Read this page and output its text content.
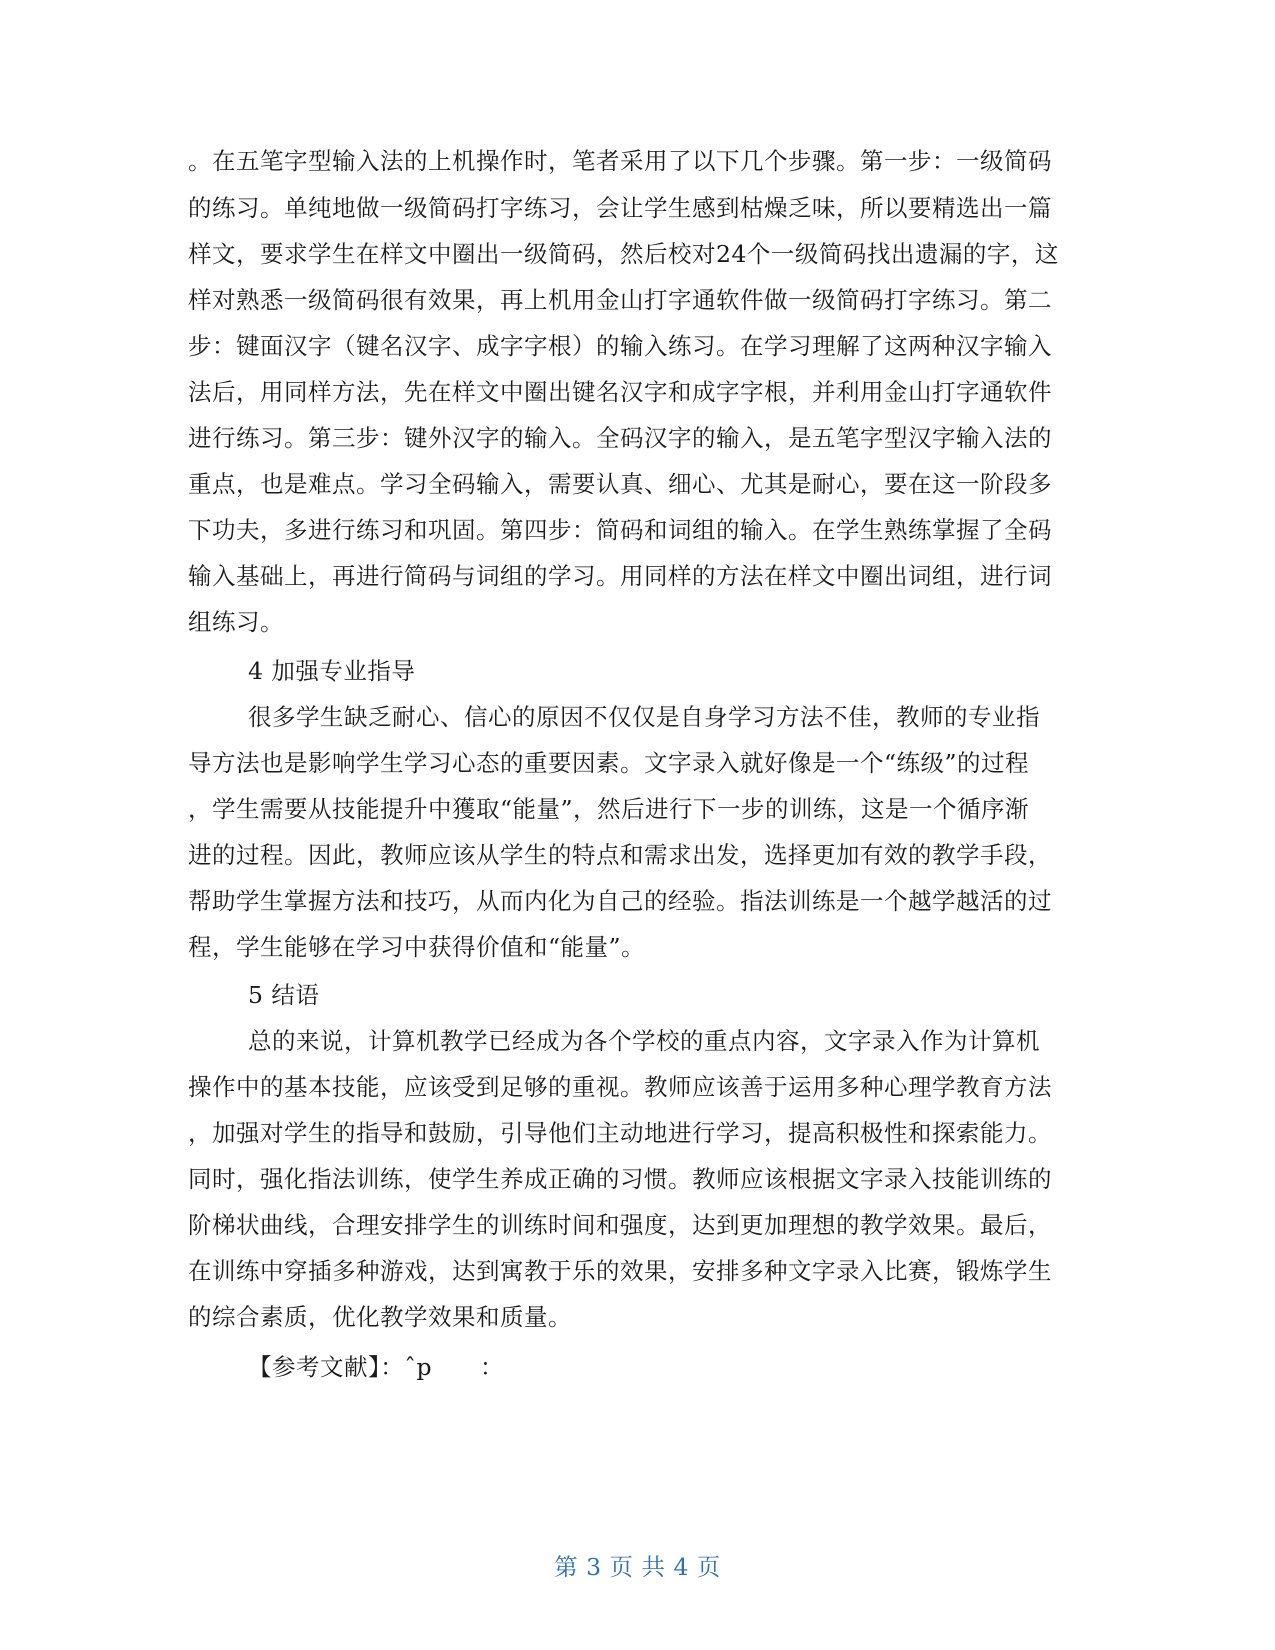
。在五笔字型输入法的上机操作时，笔者采用了以下几个步骤。第一步：一级简码
的练习。单纯地做一级简码打字练习，会让学生感到枯燥乏味，所以要精选出一篇
样文，要求学生在样文中圈出一级简码，然后校对24个一级简码找出遗漏的字，这
样对熟悉一级简码很有效果，再上机用金山打字通软件做一级简码打字练习。第二
步：键面汉字（键名汉字、成字字根）的输入练习。在学习理解了这两种汉字输入
法后，用同样方法，先在样文中圈出键名汉字和成字字根，并利用金山打字通软件
进行练习。第三步：键外汉字的输入。全码汉字的输入，是五笔字型汉字输入法的
重点，也是难点。学习全码输入，需要认真、细心、尤其是耐心，要在这一阶段多
下功夫，多进行练习和巩固。第四步：简码和词组的输入。在学生熟练掌握了全码
输入基础上，再进行简码与词组的学习。用同样的方法在样文中圈出词组，进行词
组练习。
4 加强专业指导
很多学生缺乏耐心、信心的原因不仅仅是自身学习方法不佳，教师的专业指
导方法也是影响学生学习心态的重要因素。文字录入就好像是一个“练级”的过程
，学生需要从技能提升中獲取“能量”，然后进行下一步的训练，这是一个循序渐
进的过程。因此，教师应该从学生的特点和需求出发，选择更加有效的教学手段，
帮助学生掌握方法和技巧，从而内化为自己的经验。指法训练是一个越学越活的过
程，学生能够在学习中获得价值和“能量”。
5 结语
总的来说，计算机教学已经成为各个学校的重点内容，文字录入作为计算机
操作中的基本技能，应该受到足够的重视。教师应该善于运用多种心理学教育方法
，加强对学生的指导和鼓励，引导他们主动地进行学习，提高积极性和探索能力。
同时，强化指法训练，使学生养成正确的习惯。教师应该根据文字录入技能训练的
阶梯状曲线，合理安排学生的训练时间和强度，达到更加理想的教学效果。最后，
在训练中穿插多种游戏，达到寓教于乐的效果，安排多种文字录入比赛，锻炼学生
的综合素质，优化教学效果和质量。
【参考文献】：ˆp　　：
第 3 页 共 4 页
